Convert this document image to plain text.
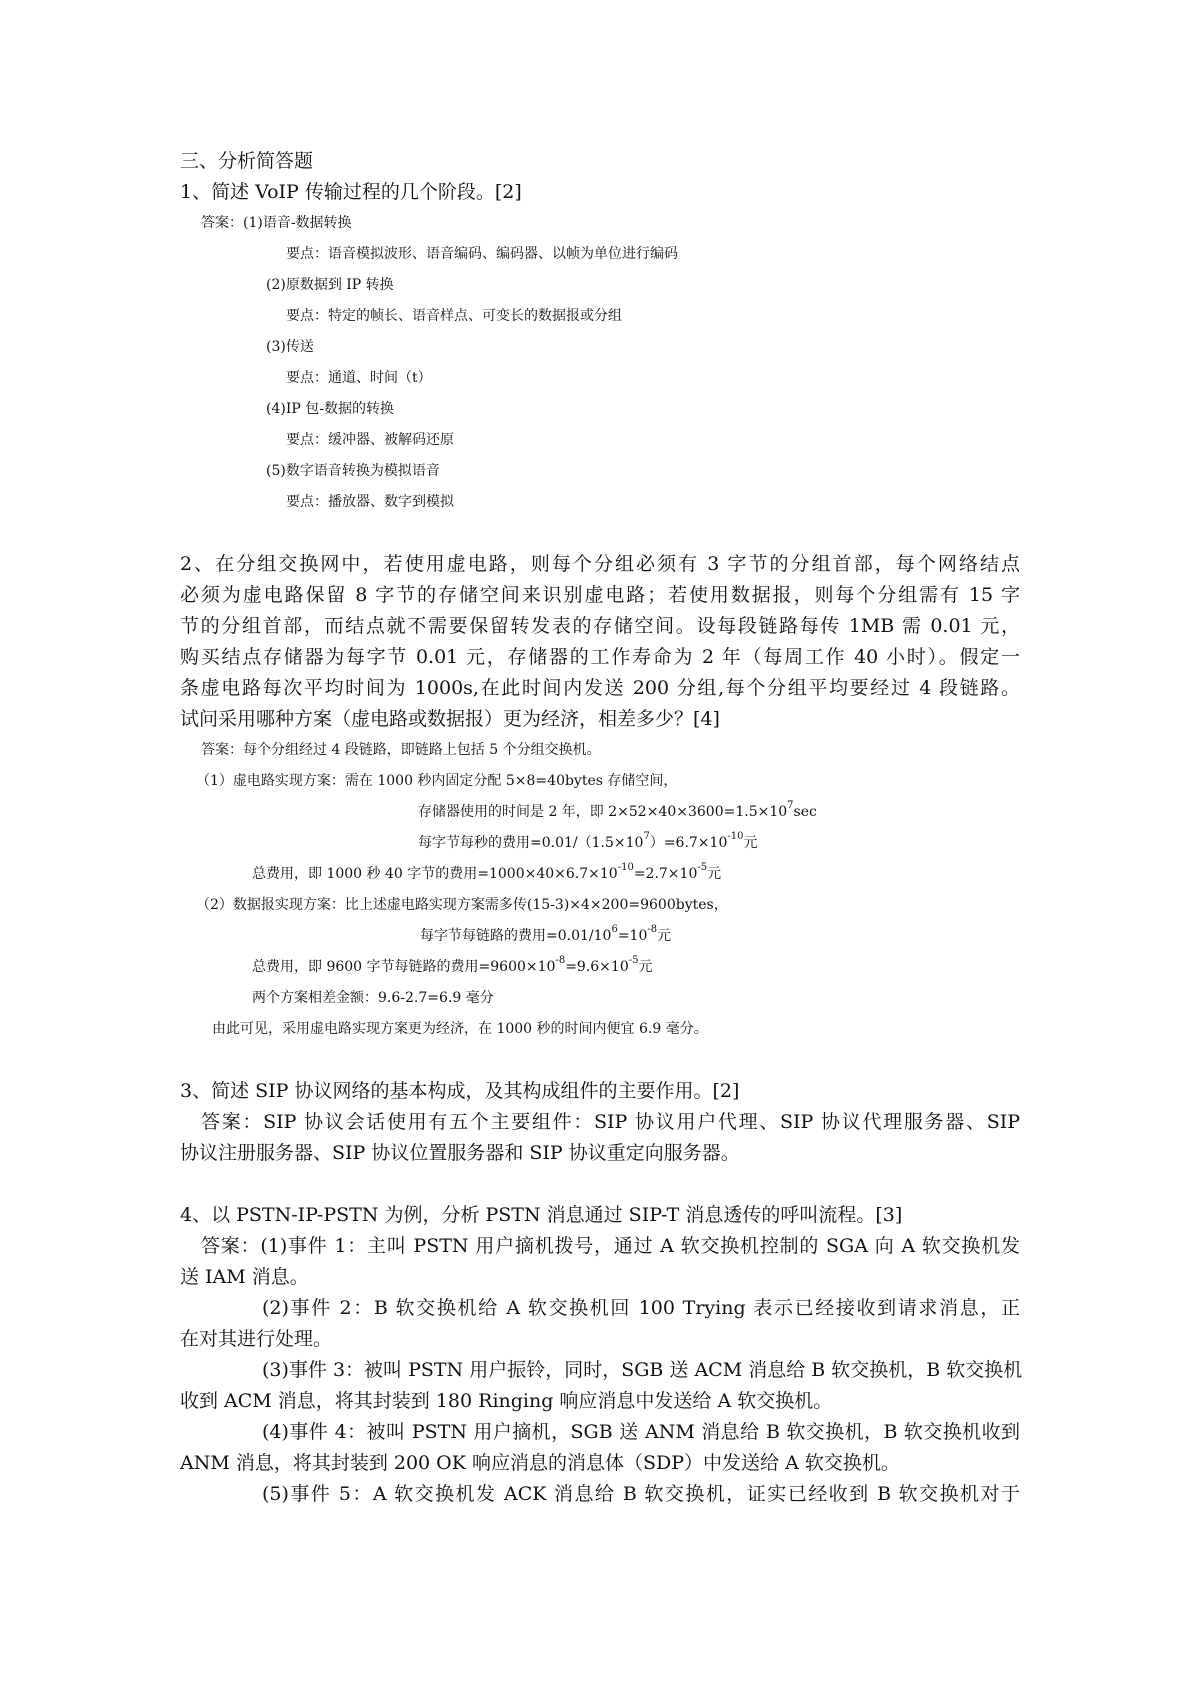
三、分析简答题
1、简述 VoIP 传输过程的几个阶段。[2]
答案：(1)语音-数据转换
要点：语音模拟波形、语音编码、编码器、以帧为单位进行编码
(2)原数据到 IP 转换
要点：特定的帧长、语音样点、可变长的数据报或分组
(3)传送
要点：通道、时间（t）
(4)IP 包-数据的转换
要点：缓冲器、被解码还原
(5)数字语音转换为模拟语音
要点：播放器、数字到模拟
2、在分组交换网中，若使用虚电路，则每个分组必须有 3 字节的分组首部，每个网络结点
必须为虚电路保留 8 字节的存储空间来识别虚电路；若使用数据报，则每个分组需有 15 字
节的分组首部，而结点就不需要保留转发表的存储空间。设每段链路每传 1MB 需 0.01 元，
购买结点存储器为每字节 0.01 元，存储器的工作寿命为 2 年（每周工作 40 小时）。假定一
条虚电路每次平均时间为 1000s,在此时间内发送 200 分组,每个分组平均要经过 4 段链路。
试问采用哪种方案（虚电路或数据报）更为经济，相差多少？[4]
答案：每个分组经过 4 段链路，即链路上包括 5 个分组交换机。
（1）虚电路实现方案：需在 1000 秒内固定分配 5×8=40bytes 存储空间，
存储器使用的时间是 2 年，即 $2\times 52\times 40\times 3600=1.5\times 10^7\sec$
每字节每秒的费用$=0.01/(1.5\times 10^7)=6.7\times 10^{-10}$元
总费用，即 1000 秒 40 字节的费用$=1000\times 40\times 6.7\times 10^{-10}=2.7\times 10^{-5}$元
（2）数据报实现方案：比上述虚电路实现方案需多传(15-3)×4×200=9600bytes，
每字节每链路的费用$=0.01/10^6=10^{-8}$元
总费用，即 9600 字节每链路的费用$=9600\times 10^{-8}=9.6\times 10^{-5}$元
两个方案相差金额：9.6-2.7=6.9 毫分
由此可见，采用虚电路实现方案更为经济，在 1000 秒的时间内便宜 6.9 毫分。
3、简述 SIP 协议网络的基本构成，及其构成组件的主要作用。[2]
答案：SIP 协议会话使用有五个主要组件：SIP 协议用户代理、SIP 协议代理服务器、SIP
协议注册服务器、SIP 协议位置服务器和 SIP 协议重定向服务器。
4、以 PSTN-IP-PSTN 为例，分析 PSTN 消息通过 SIP-T 消息透传的呼叫流程。[3]
答案：(1)事件 1：主叫 PSTN 用户摘机拨号，通过 A 软交换机控制的 SGA 向 A 软交换机发
送 IAM 消息。
(2)事件 2：B 软交换机给 A 软交换机回 100 Trying 表示已经接收到请求消息，正
在对其进行处理。
(3)事件 3：被叫 PSTN 用户振铃，同时，SGB 送 ACM 消息给 B 软交换机，B 软交换机
收到 ACM 消息，将其封装到 180 Ringing 响应消息中发送给 A 软交换机。
(4)事件 4：被叫 PSTN 用户摘机，SGB 送 ANM 消息给 B 软交换机，B 软交换机收到
ANM 消息，将其封装到 200 OK 响应消息的消息体（SDP）中发送给 A 软交换机。
(5)事件 5：A 软交换机发 ACK 消息给 B 软交换机，证实已经收到 B 软交换机对于
